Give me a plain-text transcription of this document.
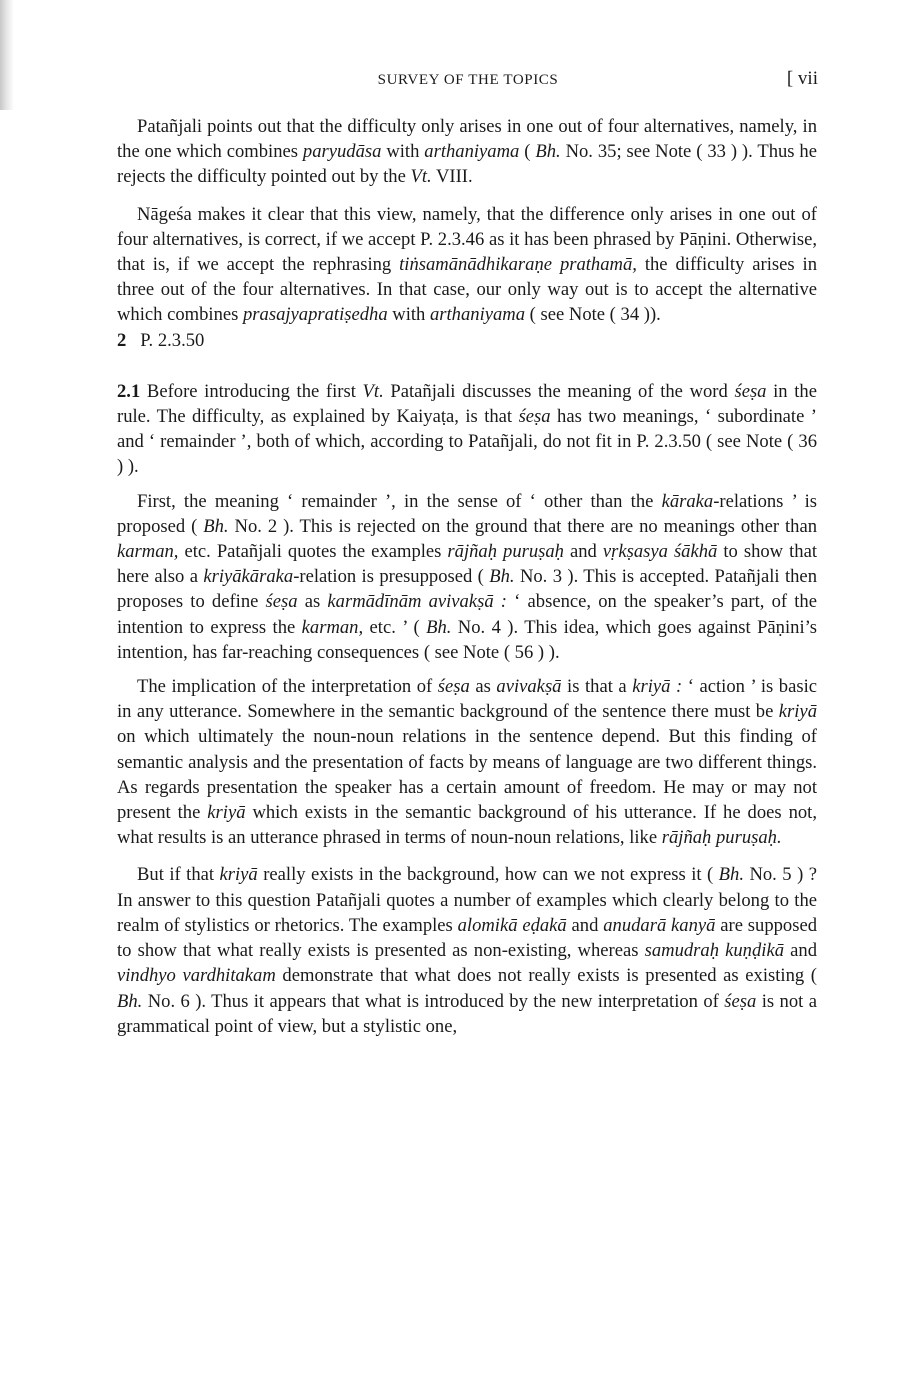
SURVEY OF THE TOPICS	[ vii

Patañjali points out that the difficulty only arises in one out of four alternatives, namely, in the one which combines paryudāsa with arthaniyama ( Bh. No. 35; see Note ( 33 ) ). Thus he rejects the difficulty pointed out by the Vt. VIII.

Nāgeśa makes it clear that this view, namely, that the difference only arises in one out of four alternatives, is correct, if we accept P. 2.3.46 as it has been phrased by Pāṇini. Otherwise, that is, if we accept the rephrasing tiṅsamānādhikaraṇe prathamā, the difficulty arises in three out of the four alternatives. In that case, our only way out is to accept the alternative which combines prasajyapratiṣedha with arthaniyama ( see Note ( 34 )).

2 P. 2.3.50

2.1 Before introducing the first Vt. Patañjali discusses the meaning of the word śeṣa in the rule. The difficulty, as explained by Kaiyaṭa, is that śeṣa has two meanings, ‘ subordinate ’ and ‘ remainder ’, both of which, according to Patañjali, do not fit in P. 2.3.50 ( see Note ( 36 ) ).

First, the meaning ‘ remainder ’, in the sense of ‘ other than the kāraka-relations ’ is proposed ( Bh. No. 2 ). This is rejected on the ground that there are no meanings other than karman, etc. Patañjali quotes the examples rājñaḥ puruṣaḥ and vṛkṣasya śākhā to show that here also a kriyākāraka-relation is presupposed ( Bh. No. 3 ). This is accepted. Patañjali then proposes to define śeṣa as karmādīnām avivakṣā : ‘ absence, on the speaker’s part, of the intention to express the karman, etc. ’ ( Bh. No. 4 ). This idea, which goes against Pāṇini’s intention, has far-reaching consequences ( see Note ( 56 ) ).

The implication of the interpretation of śeṣa as avivakṣā is that a kriyā : ‘ action ’ is basic in any utterance. Somewhere in the semantic background of the sentence there must be kriyā on which ultimately the noun-noun relations in the sentence depend. But this finding of semantic analysis and the presentation of facts by means of language are two different things. As regards presentation the speaker has a certain amount of freedom. He may or may not present the kriyā which exists in the semantic background of his utterance. If he does not, what results is an utterance phrased in terms of noun-noun relations, like rājñaḥ puruṣaḥ.

But if that kriyā really exists in the background, how can we not express it ( Bh. No. 5 ) ? In answer to this question Patañjali quotes a number of examples which clearly belong to the realm of stylistics or rhetorics. The examples alomikā eḍakā and anudarā kanyā are supposed to show that what really exists is presented as non-existing, whereas samudraḥ kuṇḍikā and vindhyo vardhitakam demonstrate that what does not really exists is presented as existing ( Bh. No. 6 ). Thus it appears that what is introduced by the new interpretation of śeṣa is not a grammatical point of view, but a stylistic one,
